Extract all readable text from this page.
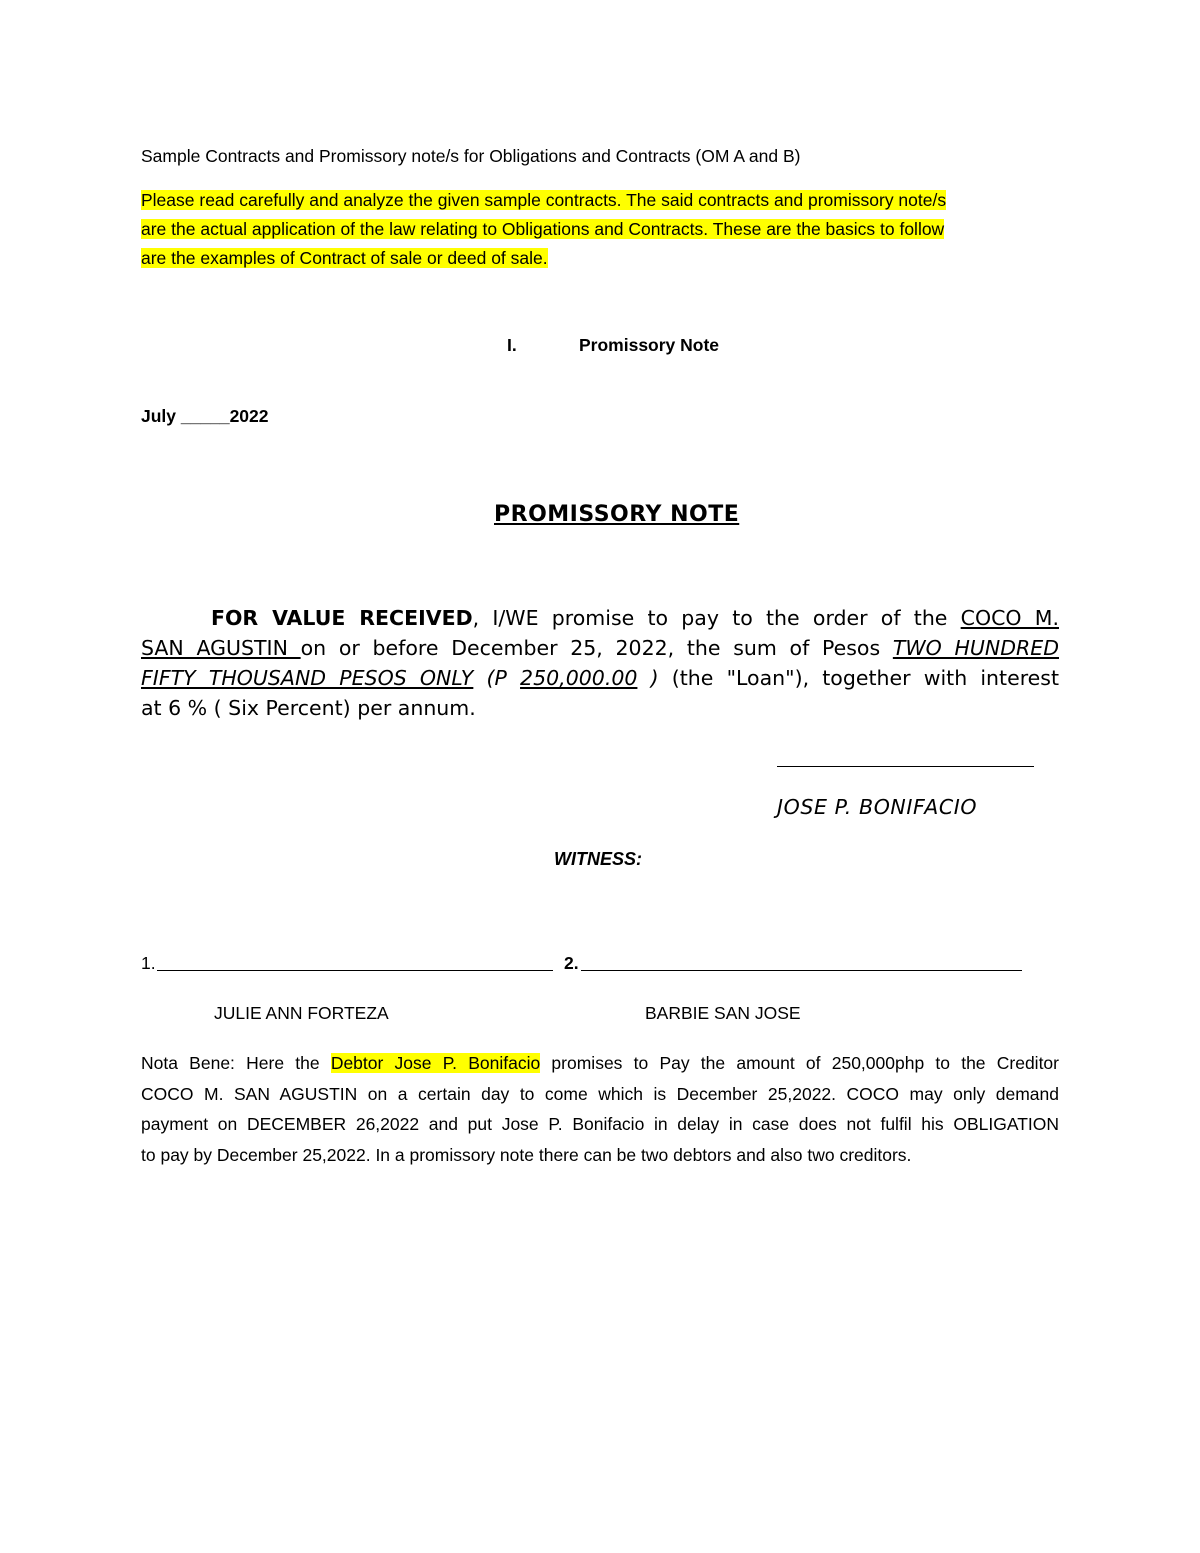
Sample Contracts and Promissory note/s for Obligations and Contracts (OM A and B)
Please read carefully and analyze the given sample contracts. The said contracts and promissory note/s
are the actual application of the law relating to Obligations and Contracts. These are the basics to follow
are the examples of Contract of sale or deed of sale.
I.	Promissory Note
July _____2022
PROMISSORY NOTE
FOR VALUE RECEIVED, I/WE promise to pay to the order of the COCO M.
SAN AGUSTIN on or before December 25, 2022, the sum of Pesos TWO HUNDRED
FIFTY THOUSAND PESOS ONLY (P 250,000.00 ) (the "Loan"), together with interest
at 6 % ( Six Percent) per annum.
JOSE P. BONIFACIO
WITNESS:
1.	2.
JULIE ANN FORTEZA	BARBIE SAN JOSE
Nota Bene: Here the Debtor Jose P. Bonifacio promises to Pay the amount of 250,000php to the Creditor
COCO M. SAN AGUSTIN on a certain day to come which is December 25,2022. COCO may only demand
payment on DECEMBER 26,2022 and put Jose P. Bonifacio in delay in case does not fulfil his OBLIGATION
to pay by December 25,2022. In a promissory note there can be two debtors and also two creditors.
